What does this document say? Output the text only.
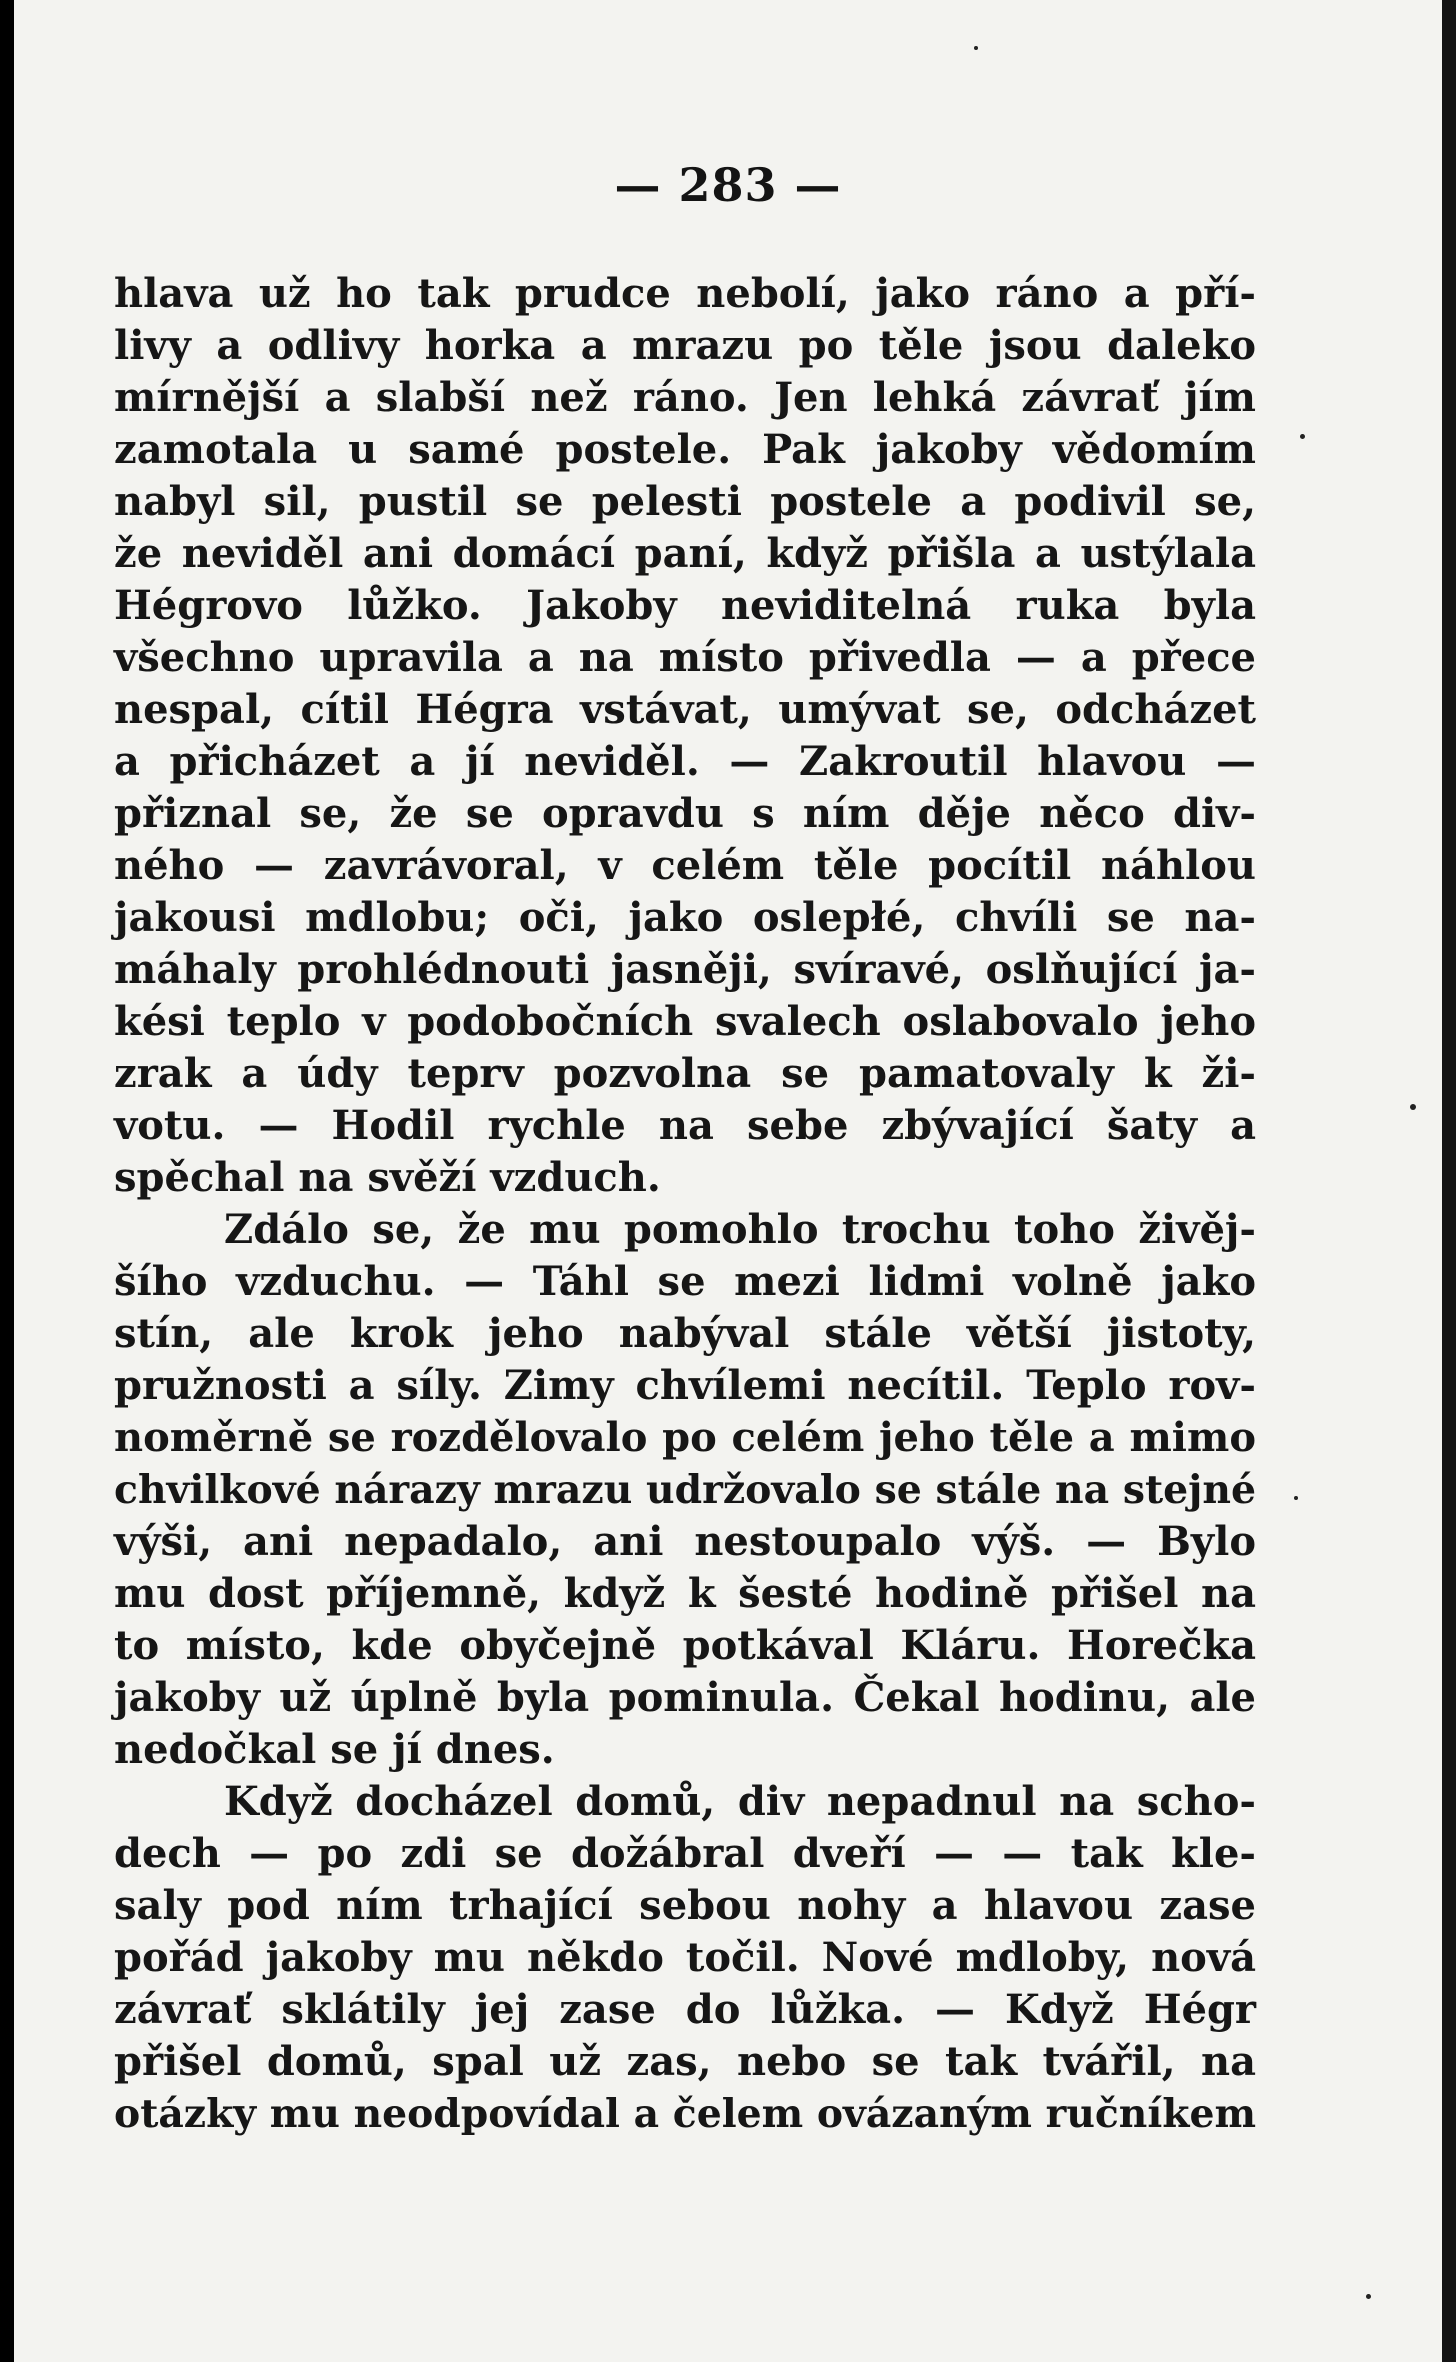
— 283 —

hlava už ho tak prudce nebolí, jako ráno a pří-
livy a odlivy horka a mrazu po těle jsou daleko
mírnější a slabší než ráno. Jen lehká závrať jím
zamotala u samé postele. Pak jakoby vědomím
nabyl sil, pustil se pelesti postele a podivil se,
že neviděl ani domácí paní, když přišla a ustýlala
Hégrovo lůžko. Jakoby neviditelná ruka byla
všechno upravila a na místo přivedla — a přece
nespal, cítil Hégra vstávat, umývat se, odcházet
a přicházet a jí neviděl. — Zakroutil hlavou —
přiznal se, že se opravdu s ním děje něco div-
ného — zavrávoral, v celém těle pocítil náhlou
jakousi mdlobu; oči, jako oslepłé, chvíli se na-
máhaly prohlédnouti jasněji, svíravé, oslňující ja-
kési teplo v podobočních svalech oslabovalo jeho
zrak a údy teprv pozvolna se pamatovaly k ži-
votu. — Hodil rychle na sebe zbývající šaty a
spěchal na svěží vzduch.

Zdálo se, že mu pomohlo trochu toho živěj-
šího vzduchu. — Táhl se mezi lidmi volně jako
stín, ale krok jeho nabýval stále větší jistoty,
pružnosti a síly. Zimy chvílemi necítil. Teplo rov-
noměrně se rozdělovalo po celém jeho těle a mimo
chvilkové nárazy mrazu udržovalo se stále na stejné
výši, ani nepadalo, ani nestoupalo výš. — Bylo
mu dost příjemně, když k šesté hodině přišel na
to místo, kde obyčejně potkával Kláru. Horečka
jakoby už úplně byla pominula. Čekal hodinu, ale
nedočkal se jí dnes.

Když docházel domů, div nepadnul na scho-
dech — po zdi se dožábral dveří — — tak kle-
saly pod ním trhající sebou nohy a hlavou zase
pořád jakoby mu někdo točil. Nové mdloby, nová
závrať sklátily jej zase do lůžka. — Když Hégr
přišel domů, spal už zas, nebo se tak tvářil, na
otázky mu neodpovídal a čelem ovázaným ručníkem
